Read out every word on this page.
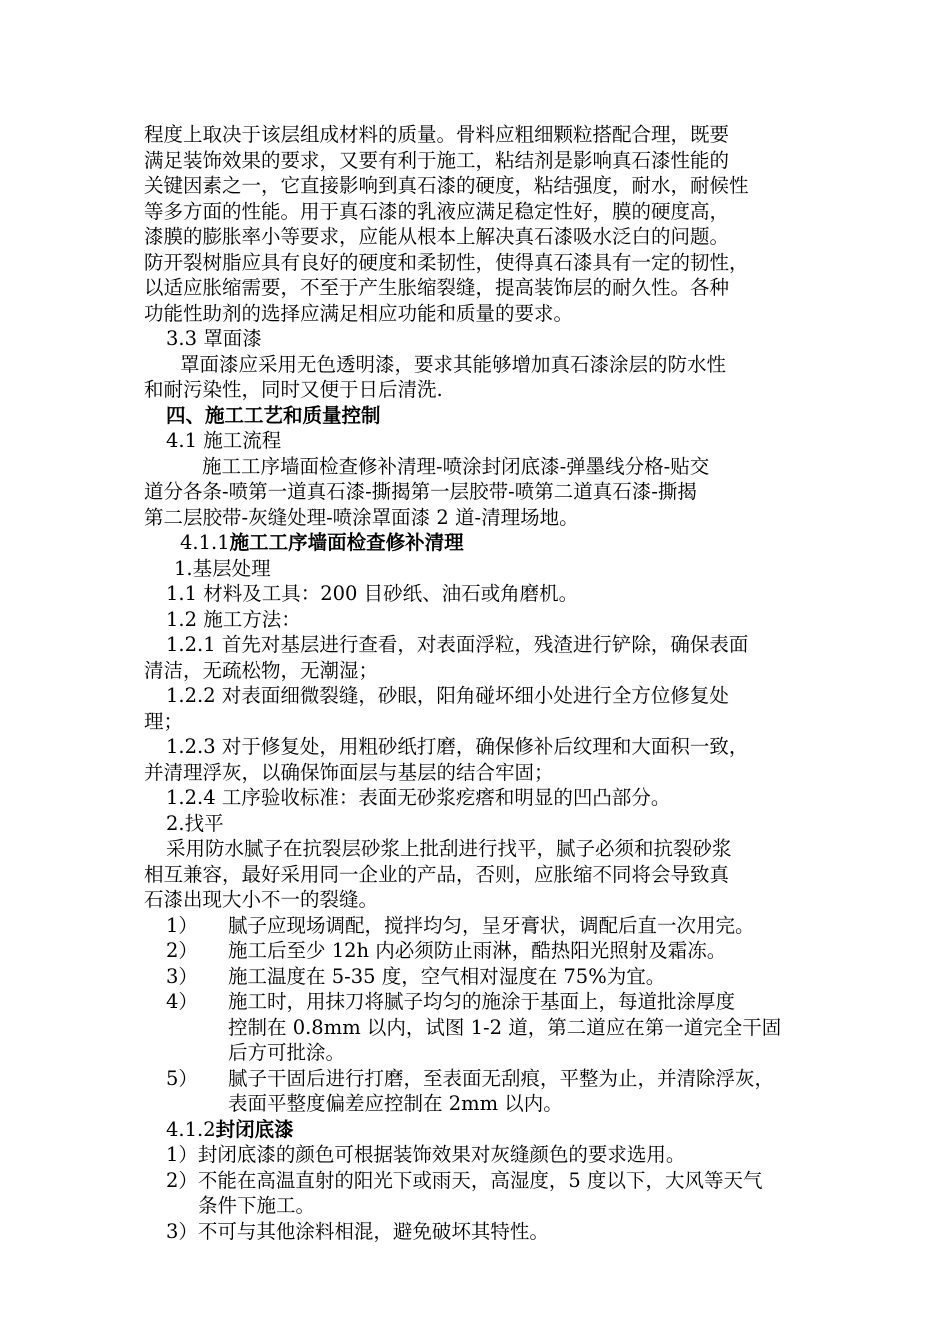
程度上取决于该层组成材料的质量。骨料应粗细颗粒搭配合理，既要

满足装饰效果的要求，又要有利于施工，粘结剂是影响真石漆性能的

关键因素之一，它直接影响到真石漆的硬度，粘结强度，耐水，耐候性

等多方面的性能。用于真石漆的乳液应满足稳定性好，膜的硬度高，

漆膜的膨胀率小等要求，应能从根本上解决真石漆吸水泛白的问题。

防开裂树脂应具有良好的硬度和柔韧性，使得真石漆具有一定的韧性，

以适应胀缩需要，不至于产生胀缩裂缝，提高装饰层的耐久性。各种

功能性助剂的选择应满足相应功能和质量的要求。

3.3 罩面漆

罩面漆应采用无色透明漆，要求其能够增加真石漆涂层的防水性

和耐污染性，同时又便于日后清洗.

四、施工工艺和质量控制

4.1 施工流程

施工工序墙面检查修补清理-喷涂封闭底漆-弹墨线分格-贴交

道分各条-喷第一道真石漆-撕揭第一层胶带-喷第二道真石漆-撕揭

第二层胶带-灰缝处理-喷涂罩面漆 2 道-清理场地。

4.1.1施工工序墙面检查修补清理

1.基层处理

1.1 材料及工具：200 目砂纸、油石或角磨机。

1.2 施工方法：

1.2.1 首先对基层进行查看，对表面浮粒，残渣进行铲除，确保表面

清洁，无疏松物，无潮湿；

1.2.2 对表面细微裂缝，砂眼，阳角碰坏细小处进行全方位修复处

理；

1.2.3 对于修复处，用粗砂纸打磨，确保修补后纹理和大面积一致，

并清理浮灰，以确保饰面层与基层的结合牢固；

1.2.4 工序验收标准：表面无砂浆疙瘩和明显的凹凸部分。

2.找平

采用防水腻子在抗裂层砂浆上批刮进行找平，腻子必须和抗裂砂浆

相互兼容，最好采用同一企业的产品，否则，应胀缩不同将会导致真

石漆出现大小不一的裂缝。

1）	腻子应现场调配，搅拌均匀，呈牙膏状，调配后直一次用完。
2）	施工后至少 12h 内必须防止雨淋，酷热阳光照射及霜冻。
3）	施工温度在 5-35 度，空气相对湿度在 75%为宜。
4）	施工时，用抹刀将腻子均匀的施涂于基面上，每道批涂厚度
控制在 0.8mm 以内，试图 1-2 道，第二道应在第一道完全干固
后方可批涂。
5）	腻子干固后进行打磨，至表面无刮痕，平整为止，并清除浮灰，
表面平整度偏差应控制在 2mm 以内。

4.1.2封闭底漆

1）封闭底漆的颜色可根据装饰效果对灰缝颜色的要求选用。

2）不能在高温直射的阳光下或雨天，高湿度，5 度以下，大风等天气

条件下施工。

3）不可与其他涂料相混，避免破坏其特性。
